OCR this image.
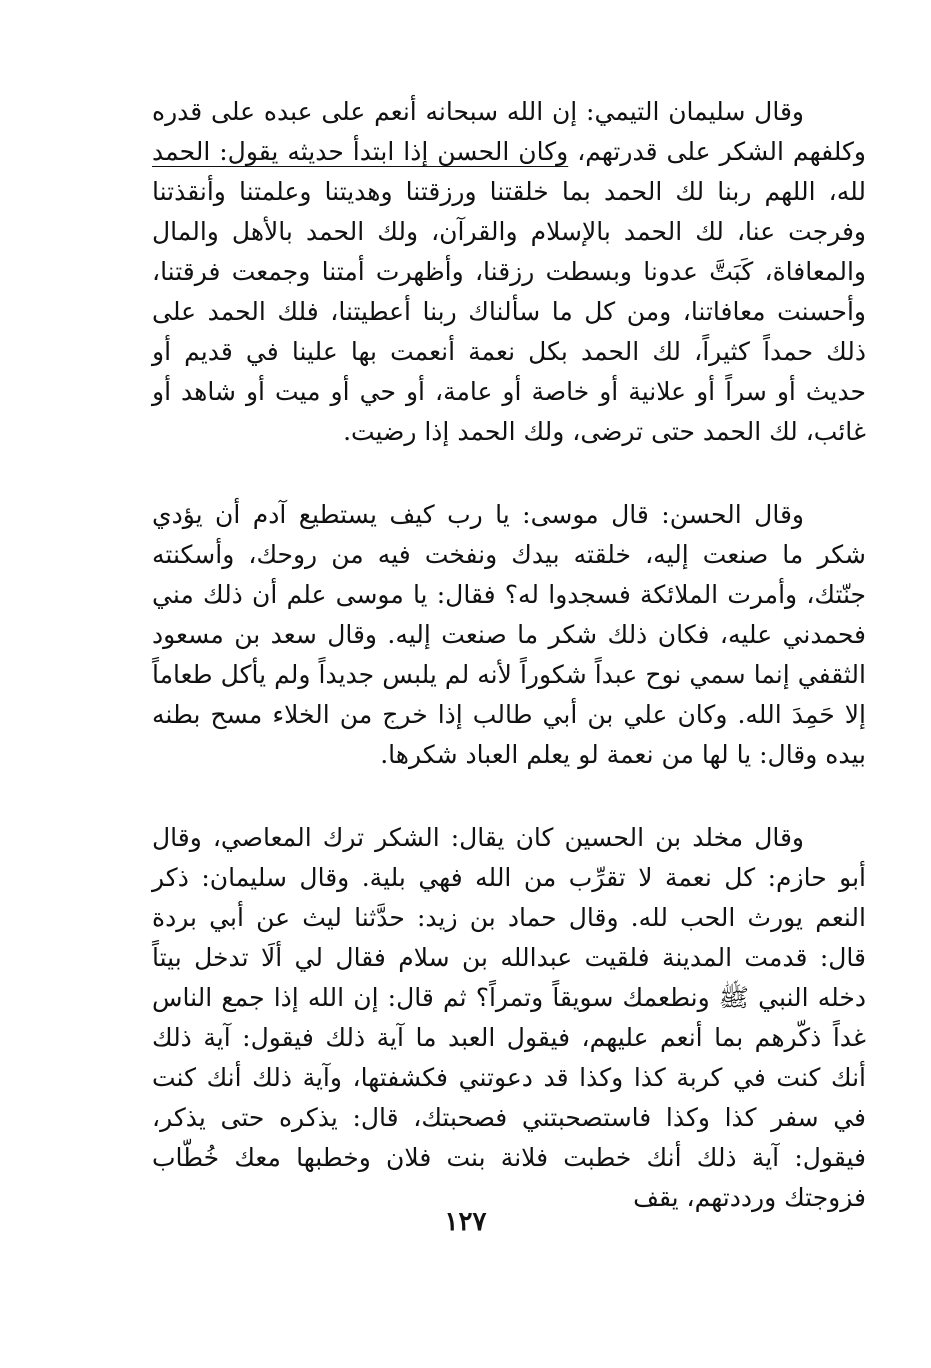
وقال سليمان التيمي: إن الله سبحانه أنعم على عبده على قدره وكلفهم الشكر على قدرتهم، وكان الحسن إذا ابتدأ حديثه يقول: الحمد لله، اللهم ربنا لك الحمد بما خلقتنا ورزقتنا وهديتنا وعلمتنا وأنقذتنا وفرجت عنا، لك الحمد بالإسلام والقرآن، ولك الحمد بالأهل والمال والمعافاة، كَبَتَّ عدونا وبسطت رزقنا، وأظهرت أمتنا وجمعت فرقتنا، وأحسنت معافاتنا، ومن كل ما سألناك ربنا أعطيتنا، فلك الحمد على ذلك حمداً كثيراً، لك الحمد بكل نعمة أنعمت بها علينا في قديم أو حديث أو سراً أو علانية أو خاصة أو عامة، أو حي أو ميت أو شاهد أو غائب، لك الحمد حتى ترضى، ولك الحمد إذا رضيت.

وقال الحسن: قال موسى: يا رب كيف يستطيع آدم أن يؤدي شكر ما صنعت إليه، خلقته بيدك ونفخت فيه من روحك، وأسكنته جنّتك، وأمرت الملائكة فسجدوا له؟ فقال: يا موسى علم أن ذلك مني فحمدني عليه، فكان ذلك شكر ما صنعت إليه. وقال سعد بن مسعود الثقفي إنما سمي نوح عبداً شكوراً لأنه لم يلبس جديداً ولم يأكل طعاماً إلا حَمِدَ الله. وكان علي بن أبي طالب إذا خرج من الخلاء مسح بطنه بيده وقال: يا لها من نعمة لو يعلم العباد شكرها.

وقال مخلد بن الحسين كان يقال: الشكر ترك المعاصي، وقال أبو حازم: كل نعمة لا تقرِّب من الله فهي بلية. وقال سليمان: ذكر النعم يورث الحب لله. وقال حماد بن زيد: حدَّثنا ليث عن أبي بردة قال: قدمت المدينة فلقيت عبدالله بن سلام فقال لي ألَا تدخل بيتاً دخله النبي ﷺ ونطعمك سويقاً وتمراً؟ ثم قال: إن الله إذا جمع الناس غداً ذكّرهم بما أنعم عليهم، فيقول العبد ما آية ذلك فيقول: آية ذلك أنك كنت في كربة كذا وكذا قد دعوتني فكشفتها، وآية ذلك أنك كنت في سفر كذا وكذا فاستصحبتني فصحبتك، قال: يذكره حتى يذكر، فيقول: آية ذلك أنك خطبت فلانة بنت فلان وخطبها معك خُطّاب فزوجتك ورددتهم، يقف

١٢٧
